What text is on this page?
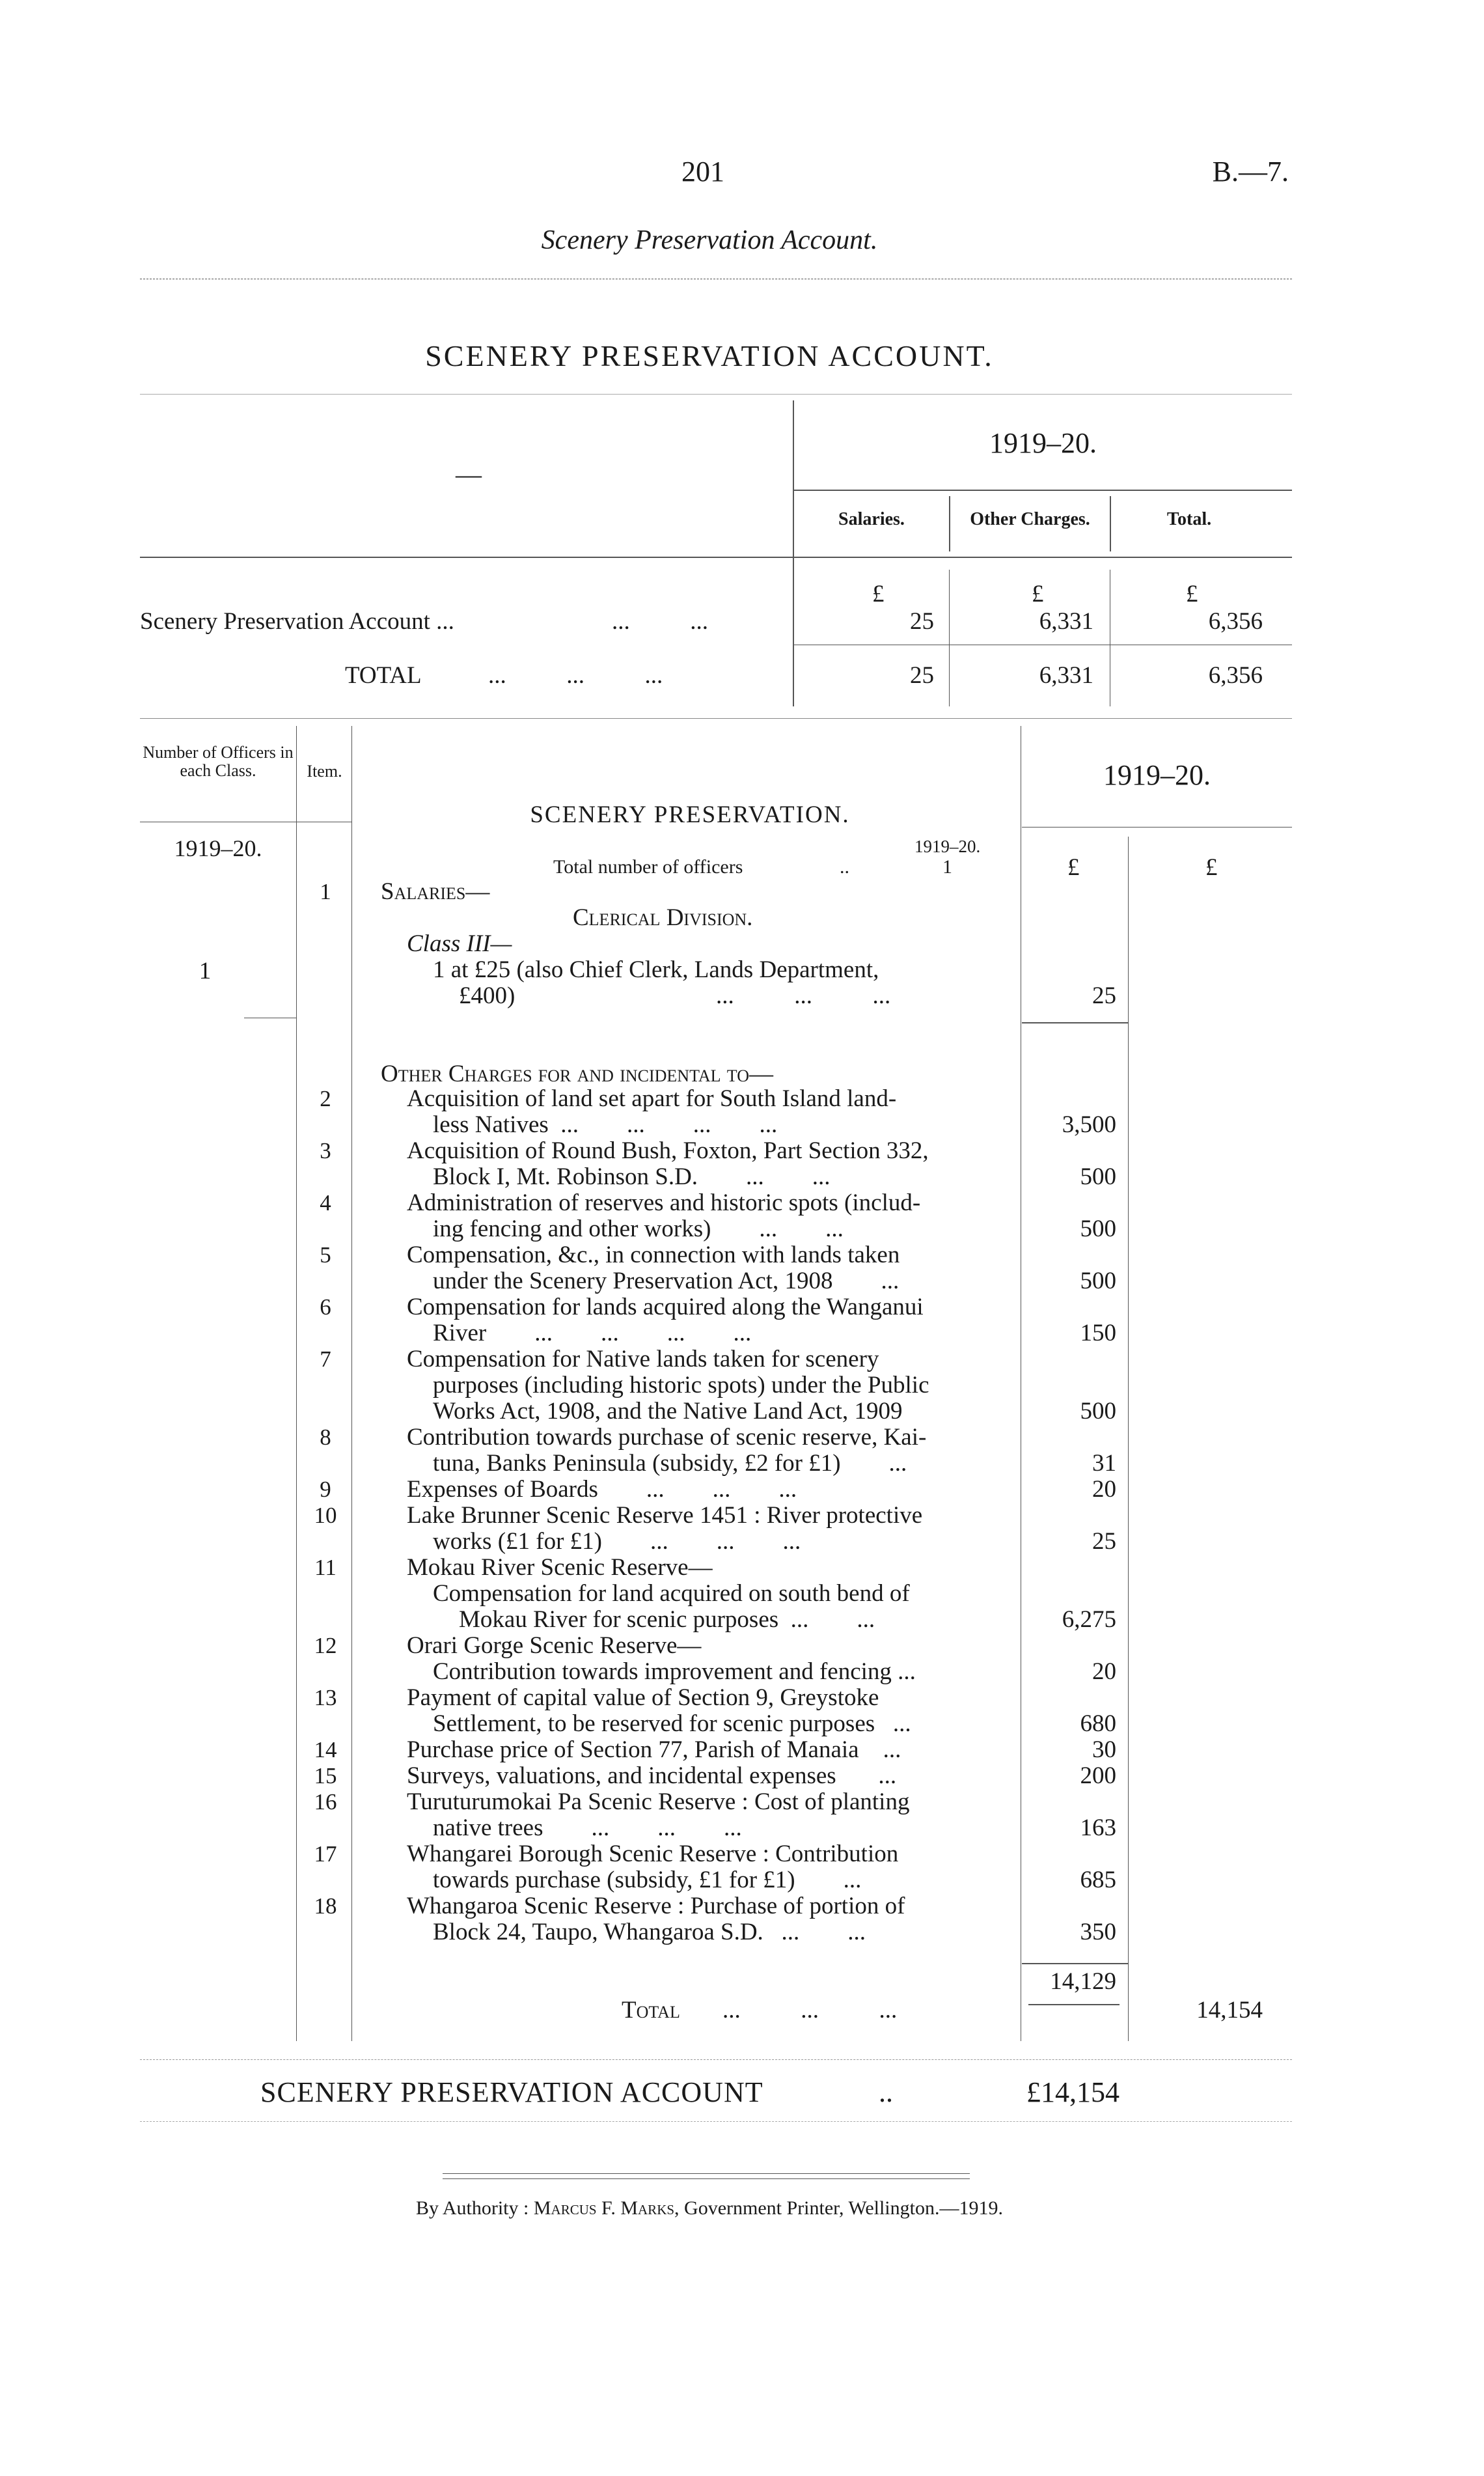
201	B.—7.
Scenery Preservation Account.
SCENERY PRESERVATION ACCOUNT.
1919–20.
—
Salaries.	Other Charges.	Total.
£	£	£
Scenery Preservation Account ...	...          ...	25	6,331	6,356
TOTAL	...          ...          ...	25	6,331	6,356
Number of Officers in each Class.	Item.	1919–20.
1919–20.
SCENERY PRESERVATION.
1919–20.
Total number of officers	..	1	£	£
1	Salaries—
Clerical Division.
Class III—
1	1 at £25 (also Chief Clerk, Lands Department,
£400)	...          ...          ...	25
Other Charges for and incidental to—
2	Acquisition of land set apart for South Island land-
less Natives  ...        ...        ...        ...	3,500
3	Acquisition of Round Bush, Foxton, Part Section 332,
Block I, Mt. Robinson S.D.        ...        ...	500
4	Administration of reserves and historic spots (includ-
ing fencing and other works)        ...        ...	500
5	Compensation, &c., in connection with lands taken
under the Scenery Preservation Act, 1908        ...	500
6	Compensation for lands acquired along the Wanganui
River        ...        ...        ...        ...	150
7	Compensation for Native lands taken for scenery
purposes (including historic spots) under the Public
Works Act, 1908, and the Native Land Act, 1909	500
8	Contribution towards purchase of scenic reserve, Kai-
tuna, Banks Peninsula (subsidy, £2 for £1)        ...	31
9	Expenses of Boards        ...        ...        ...	20
10	Lake Brunner Scenic Reserve 1451 : River protective
works (£1 for £1)        ...        ...        ...	25
11	Mokau River Scenic Reserve—
Compensation for land acquired on south bend of
Mokau River for scenic purposes  ...        ...	6,275
12	Orari Gorge Scenic Reserve—
Contribution towards improvement and fencing ...	20
13	Payment of capital value of Section 9, Greystoke
Settlement, to be reserved for scenic purposes   ...	680
14	Purchase price of Section 77, Parish of Manaia    ...	30
15	Surveys, valuations, and incidental expenses       ...	200
16	Turuturumokai Pa Scenic Reserve : Cost of planting
native trees        ...        ...        ...	163
17	Whangarei Borough Scenic Reserve : Contribution
towards purchase (subsidy, £1 for £1)        ...	685
18	Whangaroa Scenic Reserve : Purchase of portion of
Block 24, Taupo, Whangaroa S.D.   ...        ...	350
14,129
Total ...          ...          ...	14,154
SCENERY PRESERVATION ACCOUNT	..	£14,154
By Authority : Marcus F. Marks, Government Printer, Wellington.—1919.
